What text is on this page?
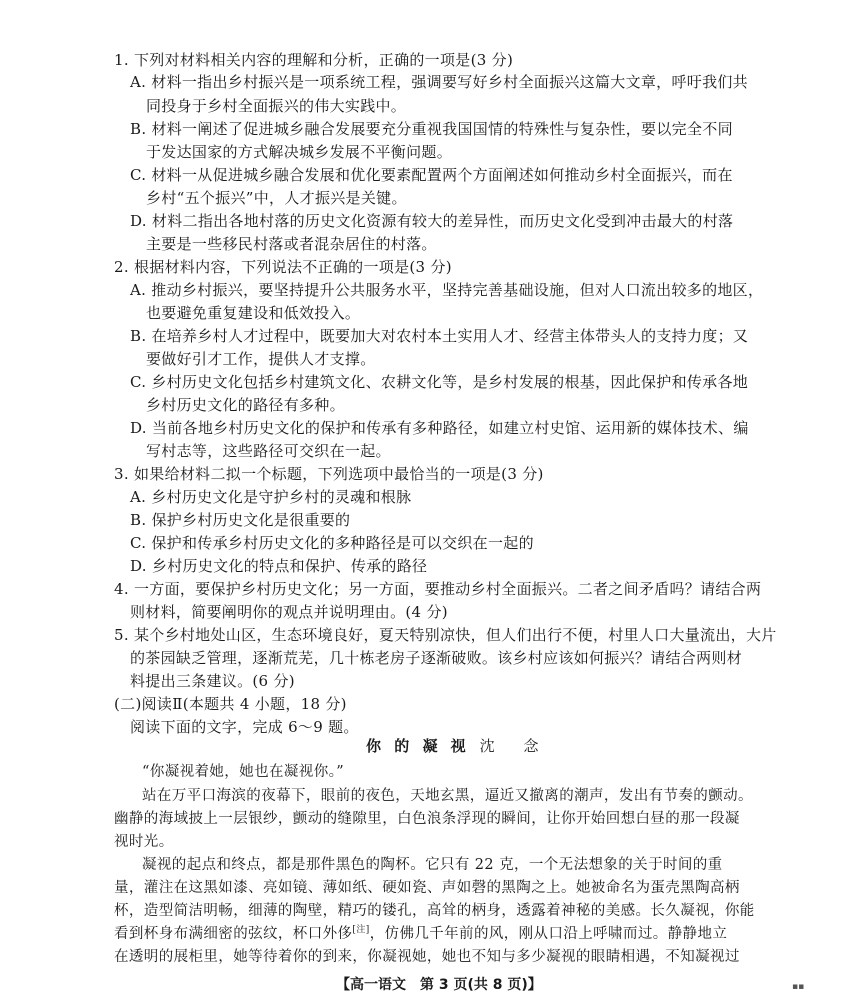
1. 下列对材料相关内容的理解和分析，正确的一项是(3 分)
A. 材料一指出乡村振兴是一项系统工程，强调要写好乡村全面振兴这篇大文章，呼吁我们共
同投身于乡村全面振兴的伟大实践中。
B. 材料一阐述了促进城乡融合发展要充分重视我国国情的特殊性与复杂性，要以完全不同
于发达国家的方式解决城乡发展不平衡问题。
C. 材料一从促进城乡融合发展和优化要素配置两个方面阐述如何推动乡村全面振兴，而在
乡村“五个振兴”中，人才振兴是关键。
D. 材料二指出各地村落的历史文化资源有较大的差异性，而历史文化受到冲击最大的村落
主要是一些移民村落或者混杂居住的村落。
2. 根据材料内容，下列说法不正确的一项是(3 分)
A. 推动乡村振兴，要坚持提升公共服务水平，坚持完善基础设施，但对人口流出较多的地区，
也要避免重复建设和低效投入。
B. 在培养乡村人才过程中，既要加大对农村本土实用人才、经营主体带头人的支持力度；又
要做好引才工作，提供人才支撑。
C. 乡村历史文化包括乡村建筑文化、农耕文化等，是乡村发展的根基，因此保护和传承各地
乡村历史文化的路径有多种。
D. 当前各地乡村历史文化的保护和传承有多种路径，如建立村史馆、运用新的媒体技术、编
写村志等，这些路径可交织在一起。
3. 如果给材料二拟一个标题，下列选项中最恰当的一项是(3 分)
A. 乡村历史文化是守护乡村的灵魂和根脉
B. 保护乡村历史文化是很重要的
C. 保护和传承乡村历史文化的多种路径是可以交织在一起的
D. 乡村历史文化的特点和保护、传承的路径
4. 一方面，要保护乡村历史文化；另一方面，要推动乡村全面振兴。二者之间矛盾吗？请结合两
则材料，简要阐明你的观点并说明理由。(4 分)
5. 某个乡村地处山区，生态环境良好，夏天特别凉快，但人们出行不便，村里人口大量流出，大片
的茶园缺乏管理，逐渐荒芜，几十栋老房子逐渐破败。该乡村应该如何振兴？请结合两则材
料提出三条建议。(6 分)
(二)阅读Ⅱ(本题共 4 小题，18 分)
阅读下面的文字，完成 6～9 题。
你 的 凝 视 沈 念
“你凝视着她，她也在凝视你。”
站在万平口海滨的夜幕下，眼前的夜色，天地玄黑，逼近又撤离的潮声，发出有节奏的颤动。
幽静的海域披上一层银纱，颤动的缝隙里，白色浪条浮现的瞬间，让你开始回想白昼的那一段凝
视时光。
凝视的起点和终点，都是那件黑色的陶杯。它只有 22 克，一个无法想象的关于时间的重
量，灌注在这黑如漆、亮如镜、薄如纸、硬如瓷、声如磬的黑陶之上。她被命名为蛋壳黑陶高柄
杯，造型简洁明畅，细薄的陶壁，精巧的镂孔，高耸的柄身，透露着神秘的美感。长久凝视，你能
看到杯身布满细密的弦纹，杯口外侈[注]，仿佛几千年前的风，刚从口沿上呼啸而过。静静地立
在透明的展柜里，她等待着你的到来，你凝视她，她也不知与多少凝视的眼睛相遇，不知凝视过
【高一语文　第 3 页(共 8 页)】	▪▪
